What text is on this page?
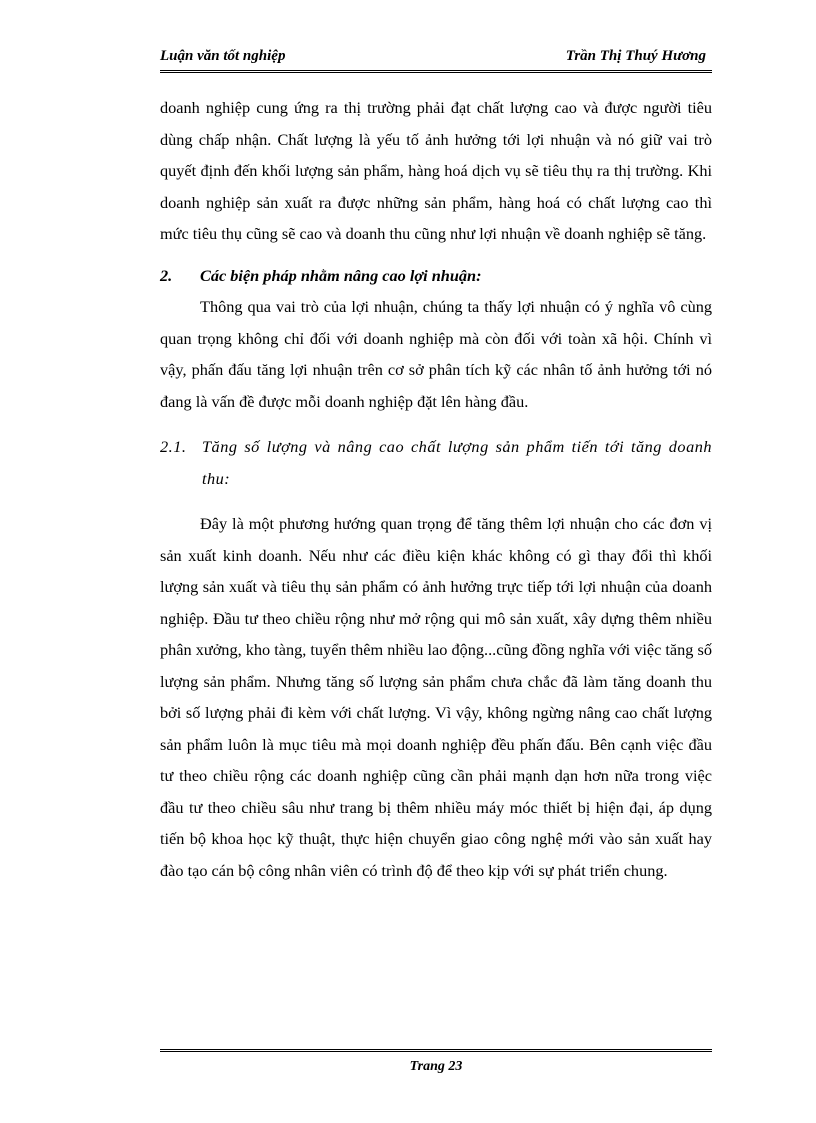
Luận văn tốt nghiệp	Trần Thị Thuý Hương

doanh nghiệp cung ứng ra thị trường phải đạt chất lượng cao và được người tiêu dùng chấp nhận. Chất lượng là yếu tố ảnh hưởng tới lợi nhuận và nó giữ vai trò quyết định đến khối lượng sản phẩm, hàng hoá dịch vụ sẽ tiêu thụ ra thị trường. Khi doanh nghiệp sản xuất ra được những sản phẩm, hàng hoá có chất lượng cao thì mức tiêu thụ cũng sẽ cao và doanh thu cũng như lợi nhuận về doanh nghiệp sẽ tăng.

2.	Các biện pháp nhằm nâng cao lợi nhuận:

Thông qua vai trò của lợi nhuận, chúng ta thấy lợi nhuận có ý nghĩa vô cùng quan trọng không chỉ đối với doanh nghiệp mà còn đối với toàn xã hội. Chính vì vậy, phấn đấu tăng lợi nhuận trên cơ sở phân tích kỹ các nhân tố ảnh hưởng tới nó đang là vấn đề được mỗi doanh nghiệp đặt lên hàng đầu.

2.1. Tăng số lượng và nâng cao chất lượng sản phẩm tiến tới tăng doanh thu:

Đây là một phương hướng quan trọng để tăng thêm lợi nhuận cho các đơn vị sản xuất kinh doanh. Nếu như các điều kiện khác không có gì thay đổi thì khối lượng sản xuất và tiêu thụ sản phẩm có ảnh hưởng trực tiếp tới lợi nhuận của doanh nghiệp. Đầu tư theo chiều rộng như mở rộng qui mô sản xuất, xây dựng thêm nhiều phân xưởng, kho tàng, tuyển thêm nhiều lao động...cũng đồng nghĩa với việc tăng số lượng sản phẩm. Nhưng tăng số lượng sản phẩm chưa chắc đã làm tăng doanh thu bởi số lượng phải đi kèm với chất lượng. Vì vậy, không ngừng nâng cao chất lượng sản phẩm luôn là mục tiêu mà mọi doanh nghiệp đều phấn đấu. Bên cạnh việc đầu tư theo chiều rộng các doanh nghiệp cũng cần phải mạnh dạn hơn nữa trong việc đầu tư theo chiều sâu như trang bị thêm nhiều máy móc thiết bị hiện đại, áp dụng tiến bộ khoa học kỹ thuật, thực hiện chuyển giao công nghệ mới vào sản xuất hay đào tạo cán bộ công nhân viên có trình độ để theo kịp với sự phát triển chung.

Trang 23
